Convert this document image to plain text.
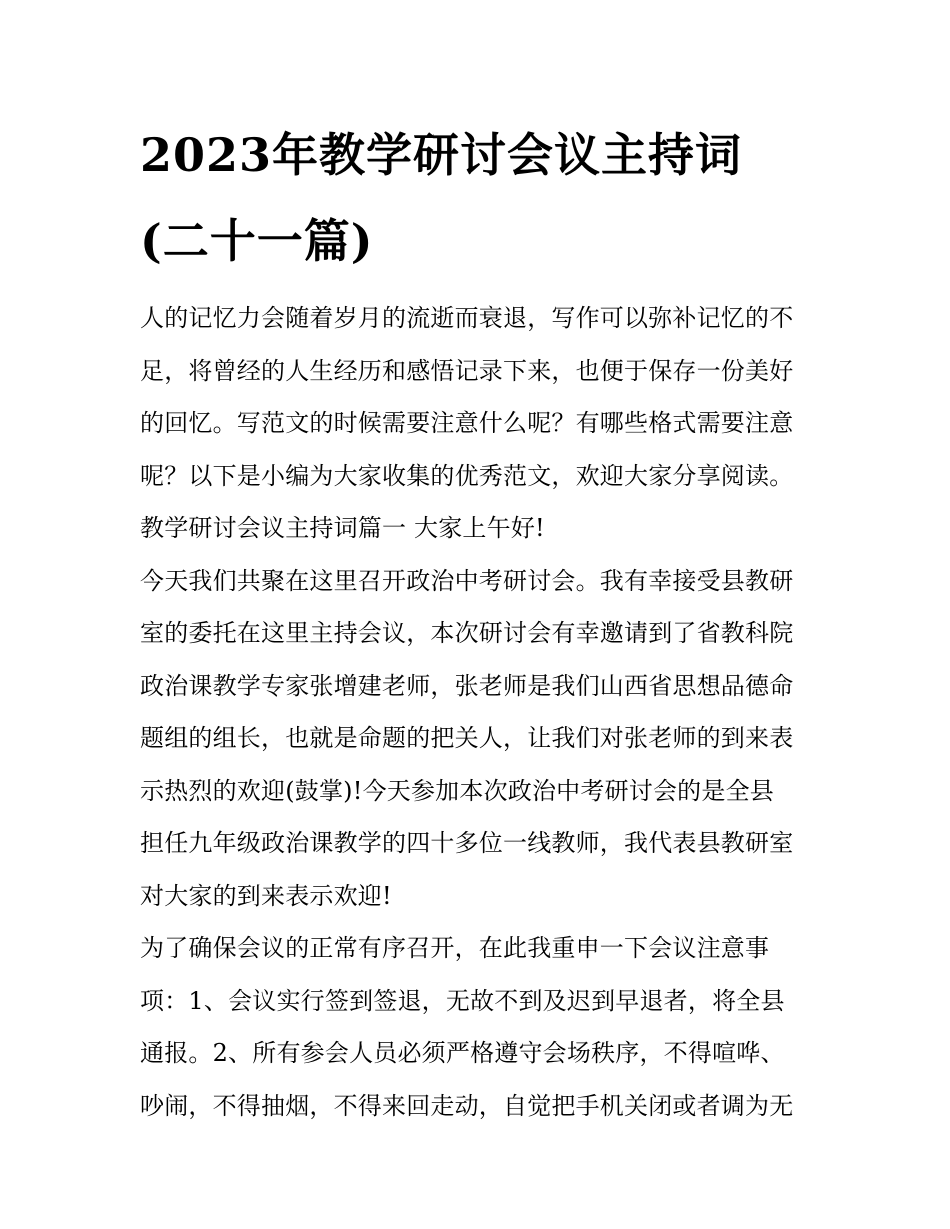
2023年教学研讨会议主持词
(二十一篇)

人的记忆力会随着岁月的流逝而衰退，写作可以弥补记忆的不
足，将曾经的人生经历和感悟记录下来，也便于保存一份美好
的回忆。写范文的时候需要注意什么呢？有哪些格式需要注意
呢？以下是小编为大家收集的优秀范文，欢迎大家分享阅读。

教学研讨会议主持词篇一 大家上午好!

今天我们共聚在这里召开政治中考研讨会。我有幸接受县教研
室的委托在这里主持会议，本次研讨会有幸邀请到了省教科院
政治课教学专家张增建老师，张老师是我们山西省思想品德命
题组的组长，也就是命题的把关人，让我们对张老师的到来表
示热烈的欢迎(鼓掌)!今天参加本次政治中考研讨会的是全县
担任九年级政治课教学的四十多位一线教师，我代表县教研室
对大家的到来表示欢迎!

为了确保会议的正常有序召开，在此我重申一下会议注意事
项：1、会议实行签到签退，无故不到及迟到早退者，将全县
通报。2、所有参会人员必须严格遵守会场秩序，不得喧哗、
吵闹，不得抽烟，不得来回走动，自觉把手机关闭或者调为无
